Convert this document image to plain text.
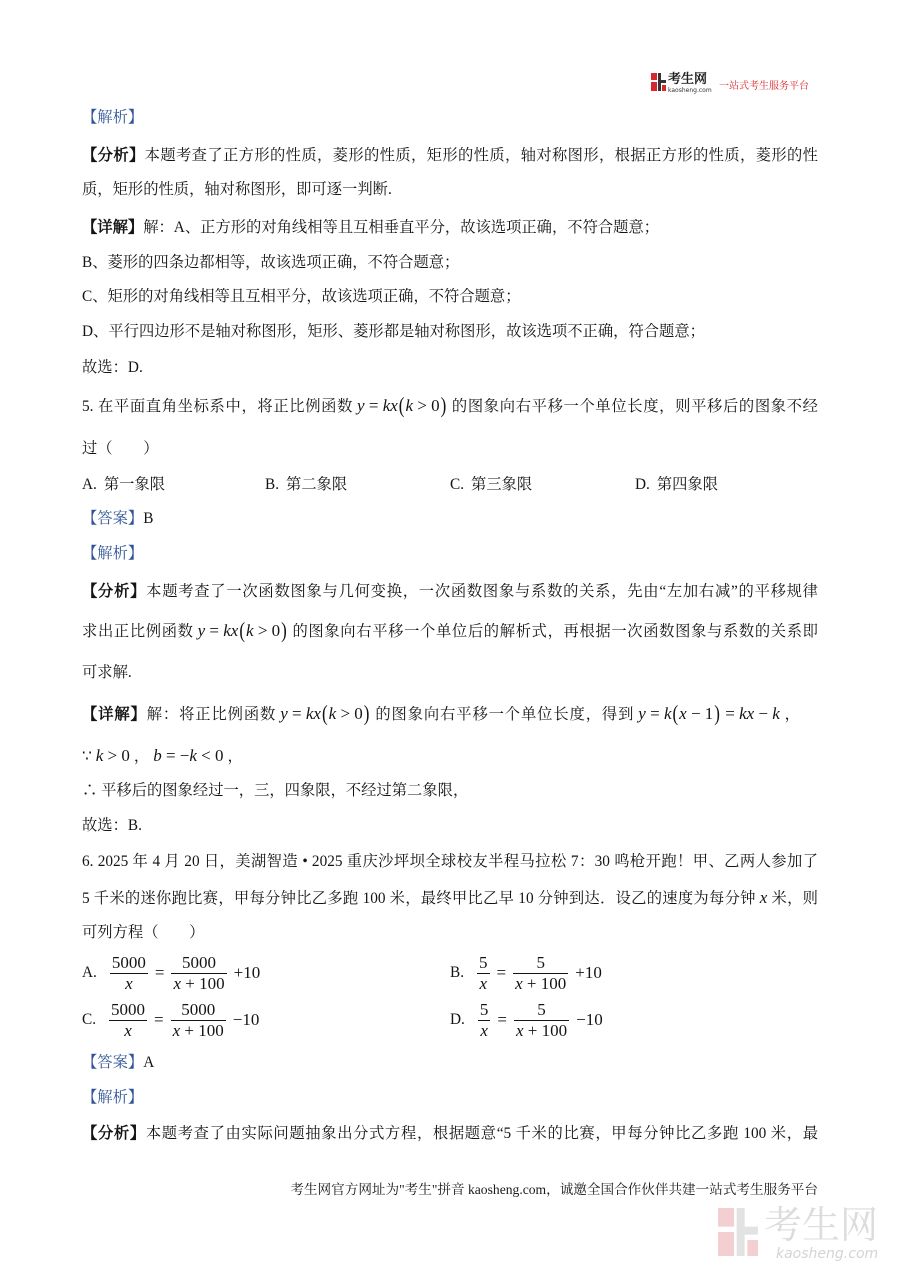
考生网
kaosheng.com 一站式考生服务平台
【解析】
【分析】本题考查了正方形的性质，菱形的性质，矩形的性质，轴对称图形，根据正方形的性质，菱形的性
质，矩形的性质，轴对称图形，即可逐一判断.
【详解】解：A、正方形的对角线相等且互相垂直平分，故该选项正确，不符合题意；
B、菱形的四条边都相等，故该选项正确，不符合题意；
C、矩形的对角线相等且互相平分，故该选项正确，不符合题意；
D、平行四边形不是轴对称图形，矩形、菱形都是轴对称图形，故该选项不正确，符合题意；
故选：D.
5. 在平面直角坐标系中，将正比例函数 y = kx(k > 0) 的图象向右平移一个单位长度，则平移后的图象不经
过（　　）
A. 第一象限	B. 第二象限	C. 第三象限	D. 第四象限
【答案】B
【解析】
【分析】本题考查了一次函数图象与几何变换，一次函数图象与系数的关系，先由“左加右减”的平移规律
求出正比例函数 y = kx(k > 0) 的图象向右平移一个单位后的解析式，再根据一次函数图象与系数的关系即
可求解.
【详解】解：将正比例函数 y = kx(k > 0) 的图象向右平移一个单位长度，得到 y = k(x − 1) = kx − k ，
∵ k > 0 ， b = −k < 0 ，
∴ 平移后的图象经过一，三，四象限，不经过第二象限，
故选：B.
6. 2025 年 4 月 20 日，美湖智造 • 2025 重庆沙坪坝全球校友半程马拉松 7：30 鸣枪开跑！甲、乙两人参加了
5 千米的迷你跑比赛，甲每分钟比乙多跑 100 米，最终甲比乙早 10 分钟到达．设乙的速度为每分钟 x 米，则
可列方程（　　）
A. $\frac{5000}{x} = \frac{5000}{x + 100} +10$	B. $\frac{5}{x} = \frac{5}{x + 100} +10$
C. $\frac{5000}{x} = \frac{5000}{x + 100} -10$	D. $\frac{5}{x} = \frac{5}{x + 100} -10$
【答案】A
【解析】
【分析】本题考查了由实际问题抽象出分式方程，根据题意“5 千米的比赛，甲每分钟比乙多跑 100 米，最
考生网官方网址为"考生"拼音 kaosheng.com，诚邀全国合作伙伴共建一站式考生服务平台
考生网
kaosheng.com
